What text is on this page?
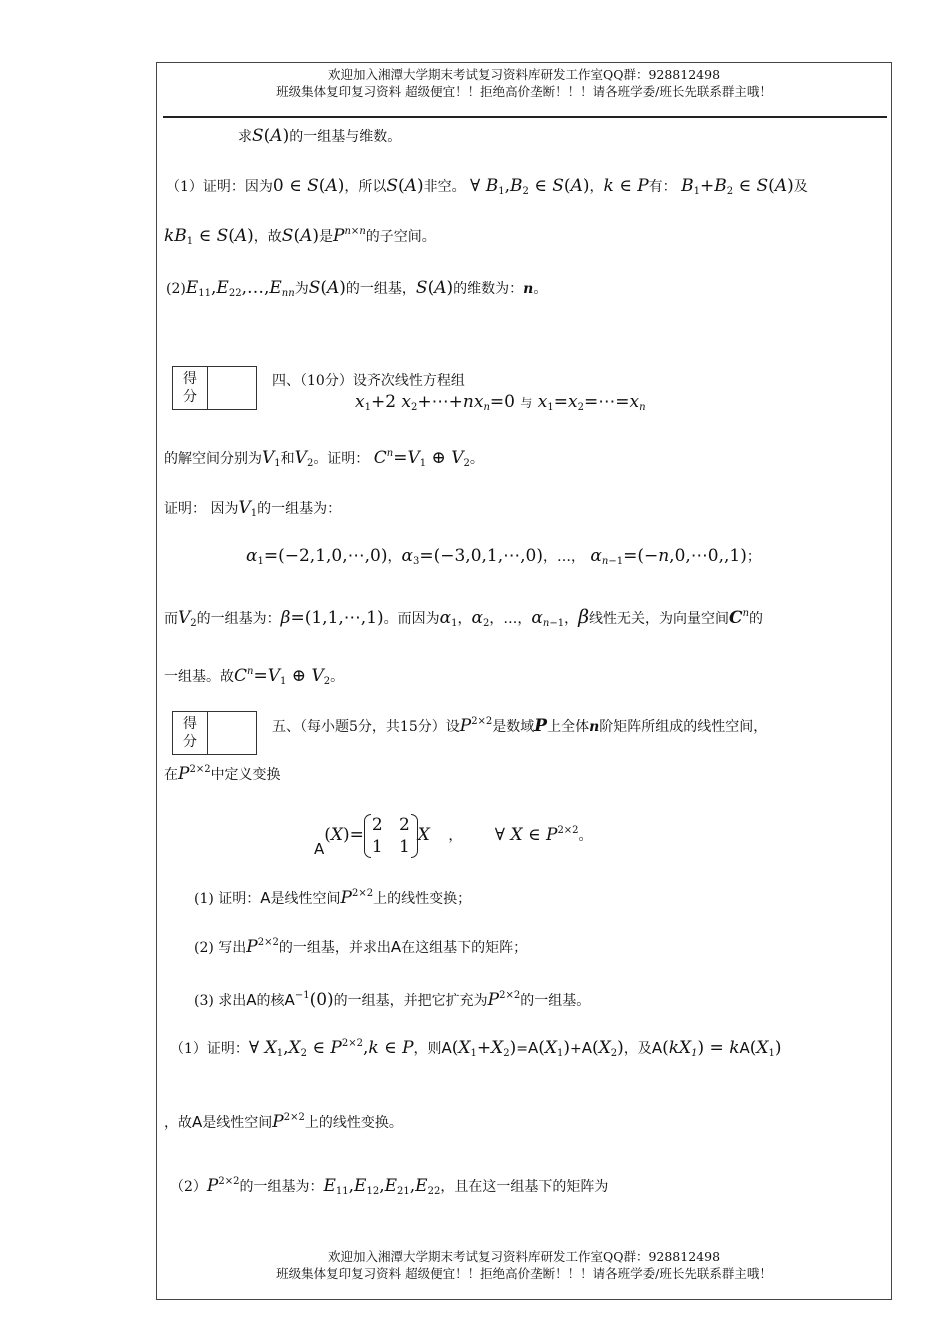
欢迎加入湘潭大学期末考试复习资料库研发工作室QQ群：928812498
班级集体复印复习资料 超级便宜！！拒绝高价垄断！！！请各班学委/班长先联系群主哦！
求S(A)的一组基与维数。
（1）证明：因为0 ∈ S(A)，所以S(A)非空。 ∀ $B_1,B_2$ ∈ S(A)，k ∈ P有： $B_1+B_2$ ∈ S(A)及
$kB_1$ ∈ S(A)，故S(A)是$P^{n\times n}$的子空间。
$(2)E_{11},E_{22},\dots,E_{nn}$为S(A)的一组基，S(A)的维数为：n。
得
分
四、（10分）设齐次线性方程组
$x_1+2$ $x_2+\cdots+nx_n=0$ 与 $x_1=x_2=\cdots=x_n$
的解空间分别为$V_1$和$V_2$。证明： $C^n=V_1$ ⊕ $V_2$。
证明： 因为$V_1$的一组基为：
$\alpha_1=(-2,1,0,\cdots,0)$，$\alpha_3=(-3,0,1,\cdots,0)$，…， $\alpha_{n-1}=(-n,0,\cdots 0,,1)$；
而$V_2$的一组基为：β=(1,1,⋯,1)。而因为$\alpha_1$，$\alpha_2$，…，$\alpha_{n-1}$，β线性无关，为向量空间$C^n$的
一组基。故$C^n=V_1$ ⊕ $V_2$。
得
分
五、（每小题5分，共15分）设$P^{2\times 2}$是数域P上全体n阶矩阵所组成的线性空间，
在$P^{2\times 2}$中定义变换
A(X)= 2 2
1 1
X ， ∀ X ∈ $P^{2\times 2}$。
(1) 证明：A是线性空间$P^{2\times 2}$上的线性变换；
(2) 写出$P^{2\times 2}$的一组基，并求出A在这组基下的矩阵；
(3) 求出A的核$A^{-1}(0)$的一组基，并把它扩充为$P^{2\times 2}$的一组基。
（1）证明：∀ $X_1,X_2$ ∈ $P^{2\times 2},k$ ∈ P，则$A(X_1+X_2)=A(X_1)+A(X_2)$，及$A(kX_1) = kA(X_1)$
，故A是线性空间$P^{2\times 2}$上的线性变换。
$(2)P^{2\times 2}$的一组基为：$E_{11},E_{12},E_{21},E_{22}$，且在这一组基下的矩阵为
欢迎加入湘潭大学期末考试复习资料库研发工作室QQ群：928812498
班级集体复印复习资料 超级便宜！！拒绝高价垄断！！！请各班学委/班长先联系群主哦！
